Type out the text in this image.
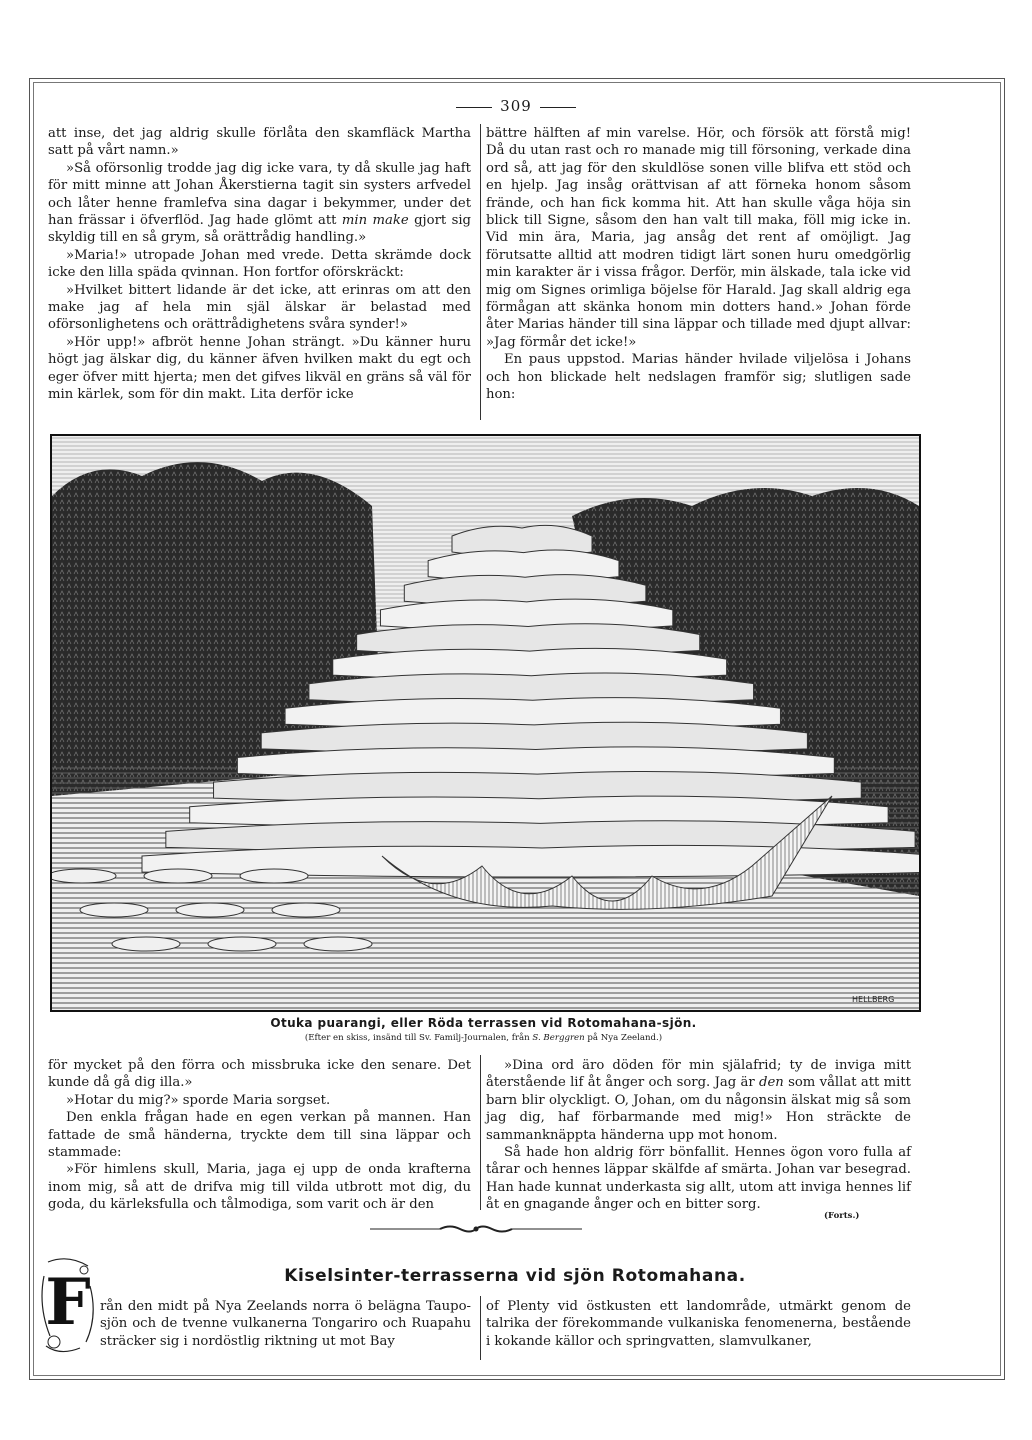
309

att inse, det jag aldrig skulle förlåta den skamfläck Martha satt på vårt namn.»

»Så oförsonlig trodde jag dig icke vara, ty då skulle jag haft för mitt minne att Johan Åkerstierna tagit sin systers arfvedel och låter henne framlefva sina dagar i bekymmer, under det han frässar i öfverflöd. Jag hade glömt att min make gjort sig skyldig till en så grym, så orättrådig handling.»

»Maria!» utropade Johan med vrede. Detta skrämde dock icke den lilla späda qvinnan. Hon fortfor oförskräckt:

»Hvilket bittert lidande är det icke, att erinras om att den make jag af hela min själ älskar är belastad med oförsonlighetens och orättrådighetens svåra synder!»

»Hör upp!» afbröt henne Johan strängt. »Du känner huru högt jag älskar dig, du känner äfven hvilken makt du egt och eger öfver mitt hjerta; men det gifves likväl en gräns så väl för min kärlek, som för din makt. Lita derför icke

bättre hälften af min varelse. Hör, och försök att förstå mig! Då du utan rast och ro manade mig till försoning, verkade dina ord så, att jag för den skuldlöse sonen ville blifva ett stöd och en hjelp. Jag insåg orättvisan af att förneka honom såsom frände, och han fick komma hit. Att han skulle våga höja sin blick till Signe, såsom den han valt till maka, föll mig icke in. Vid min ära, Maria, jag ansåg det rent af omöjligt. Jag förutsatte alltid att modren tidigt lärt sonen huru omedgörlig min karakter är i vissa frågor. Derför, min älskade, tala icke vid mig om Signes orimliga böjelse för Harald. Jag skall aldrig ega förmågan att skänka honom min dotters hand.» Johan förde åter Marias händer till sina läppar och tillade med djupt allvar: »Jag förmår det icke!»

En paus uppstod. Marias händer hvilade viljelösa i Johans och hon blickade helt nedslagen framför sig; slutligen sade hon:

HELLBERG
Otuka puarangi, eller Röda terrassen vid Rotomahana-sjön.
(Efter en skiss, insänd till Sv. Familj-Journalen, från S. Berggren på Nya Zeeland.)

för mycket på den förra och missbruka icke den senare. Det kunde då gå dig illa.»

»Hotar du mig?» sporde Maria sorgset.

Den enkla frågan hade en egen verkan på mannen. Han fattade de små händerna, tryckte dem till sina läppar och stammade:

»För himlens skull, Maria, jaga ej upp de onda krafterna inom mig, så att de drifva mig till vilda utbrott mot dig, du goda, du kärleksfulla och tålmodiga, som varit och är den

»Dina ord äro döden för min själafrid; ty de inviga mitt återstående lif åt ånger och sorg. Jag är den som vållat att mitt barn blir olyckligt. O, Johan, om du någonsin älskat mig så som jag dig, haf förbarmande med mig!» Hon sträckte de sammanknäppta händerna upp mot honom.

Så hade hon aldrig förr bönfallit. Hennes ögon voro fulla af tårar och hennes läppar skälfde af smärta. Johan var besegrad. Han hade kunnat underkasta sig allt, utom att inviga hennes lif åt en gnagande ånger och en bitter sorg.

(Forts.)
Kiselsinter-terrasserna vid sjön Rotomahana.
F rån den midt på Nya Zeelands norra ö belägna Taupo-sjön och de tvenne vulkanerna Tongariro och Ruapahu sträcker sig i nordöstlig riktning ut mot Bay

of Plenty vid östkusten ett landområde, utmärkt genom de talrika der förekommande vulkaniska fenomenerna, bestående i kokande källor och springvatten, slamvulkaner,
